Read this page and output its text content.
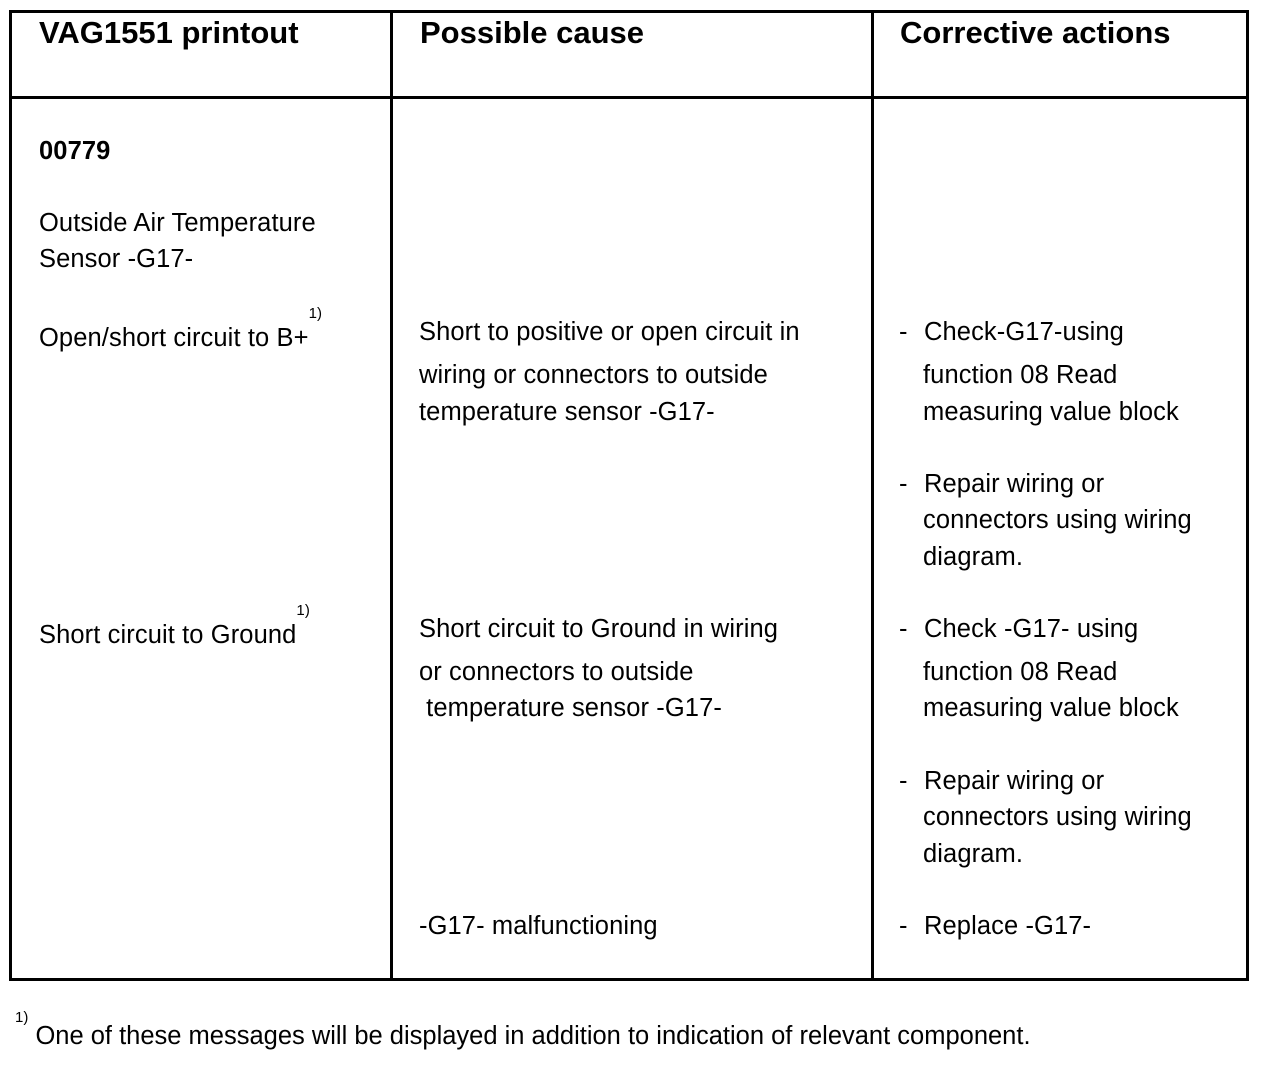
VAG1551 printout	Possible cause	Corrective actions
00779
Outside Air Temperature
Sensor -G17-
Open/short circuit to B+$^{1)}$
Short circuit to Ground$^{1)}$
Short to positive or open circuit in
wiring or connectors to outside
temperature sensor -G17-
Short circuit to Ground in wiring
or connectors to outside
temperature sensor -G17-
-G17- malfunctioning
- Check-G17-using
function 08 Read
measuring value block
- Repair wiring or
connectors using wiring
diagram.
- Check -G17- using
function 08 Read
measuring value block
- Repair wiring or
connectors using wiring
diagram.
- Replace -G17-
$^{1)}$ One of these messages will be displayed in addition to indication of relevant component.
